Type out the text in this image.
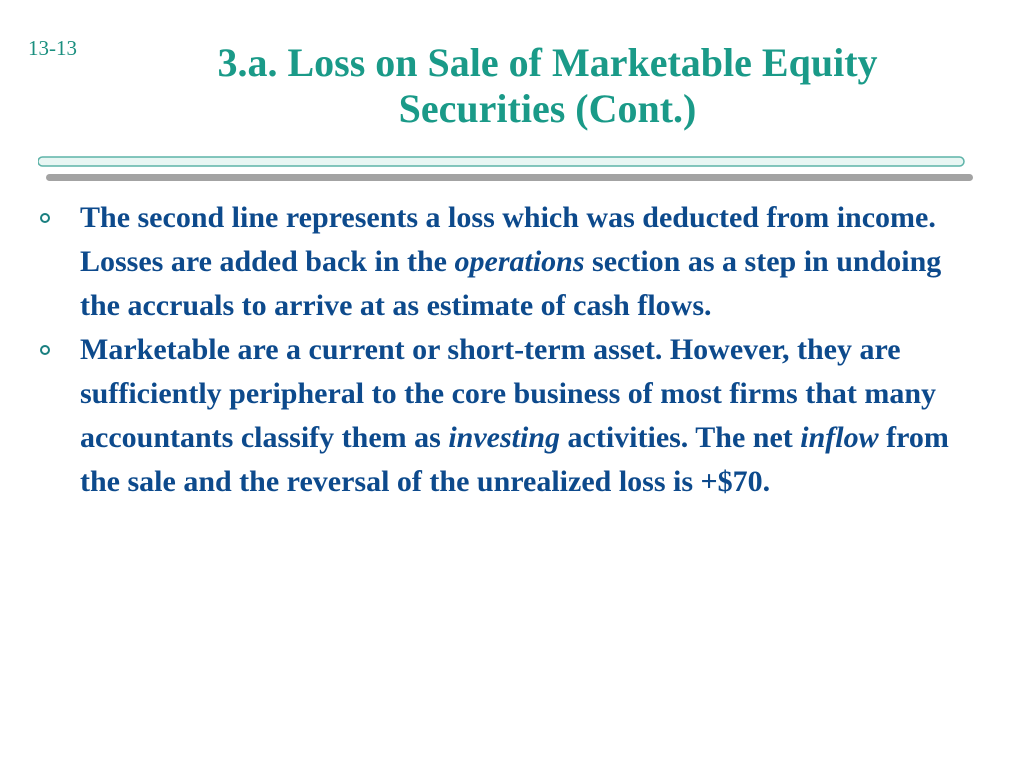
13-13	3.a. Loss on Sale of Marketable Equity
Securities (Cont.)
The second line represents a loss which was deducted from income. Losses are added back in the operations section as a step in undoing the accruals to arrive at as estimate of cash flows.
Marketable are a current or short-term asset. However, they are sufficiently peripheral to the core business of most firms that many accountants classify them as investing activities. The net inflow from the sale and the reversal of the unrealized loss is +$70.
